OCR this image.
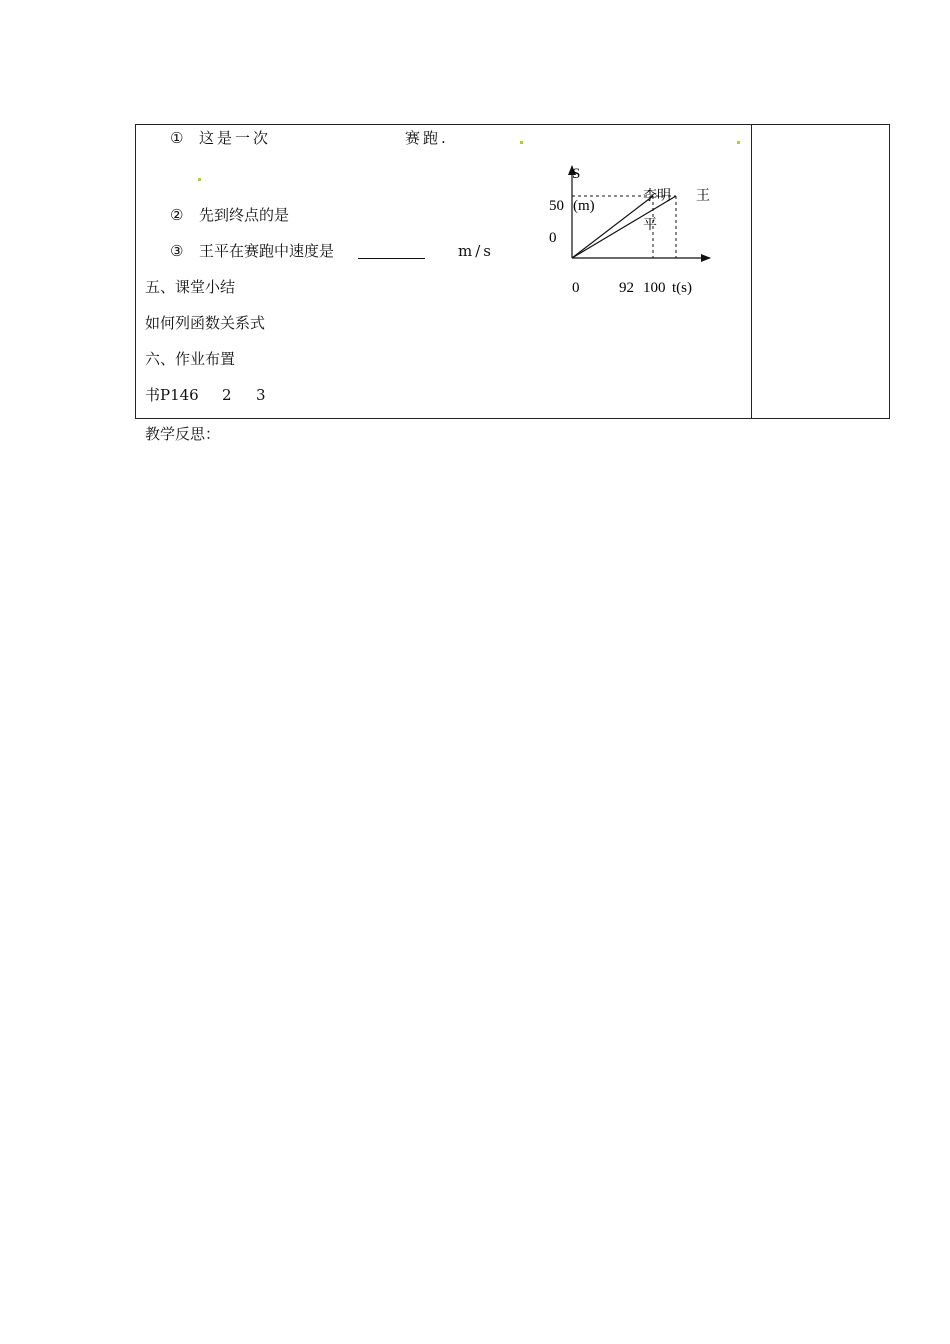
① 这是一次	赛跑.
② 先到终点的是
③ 王平在赛跑中速度是	m/s
五、课堂小结
如何列函数关系式
六、作业布置
书P146 2 3
教学反思：
S
50 (m)
0
0	92 100 t(s)
李明 王
平
